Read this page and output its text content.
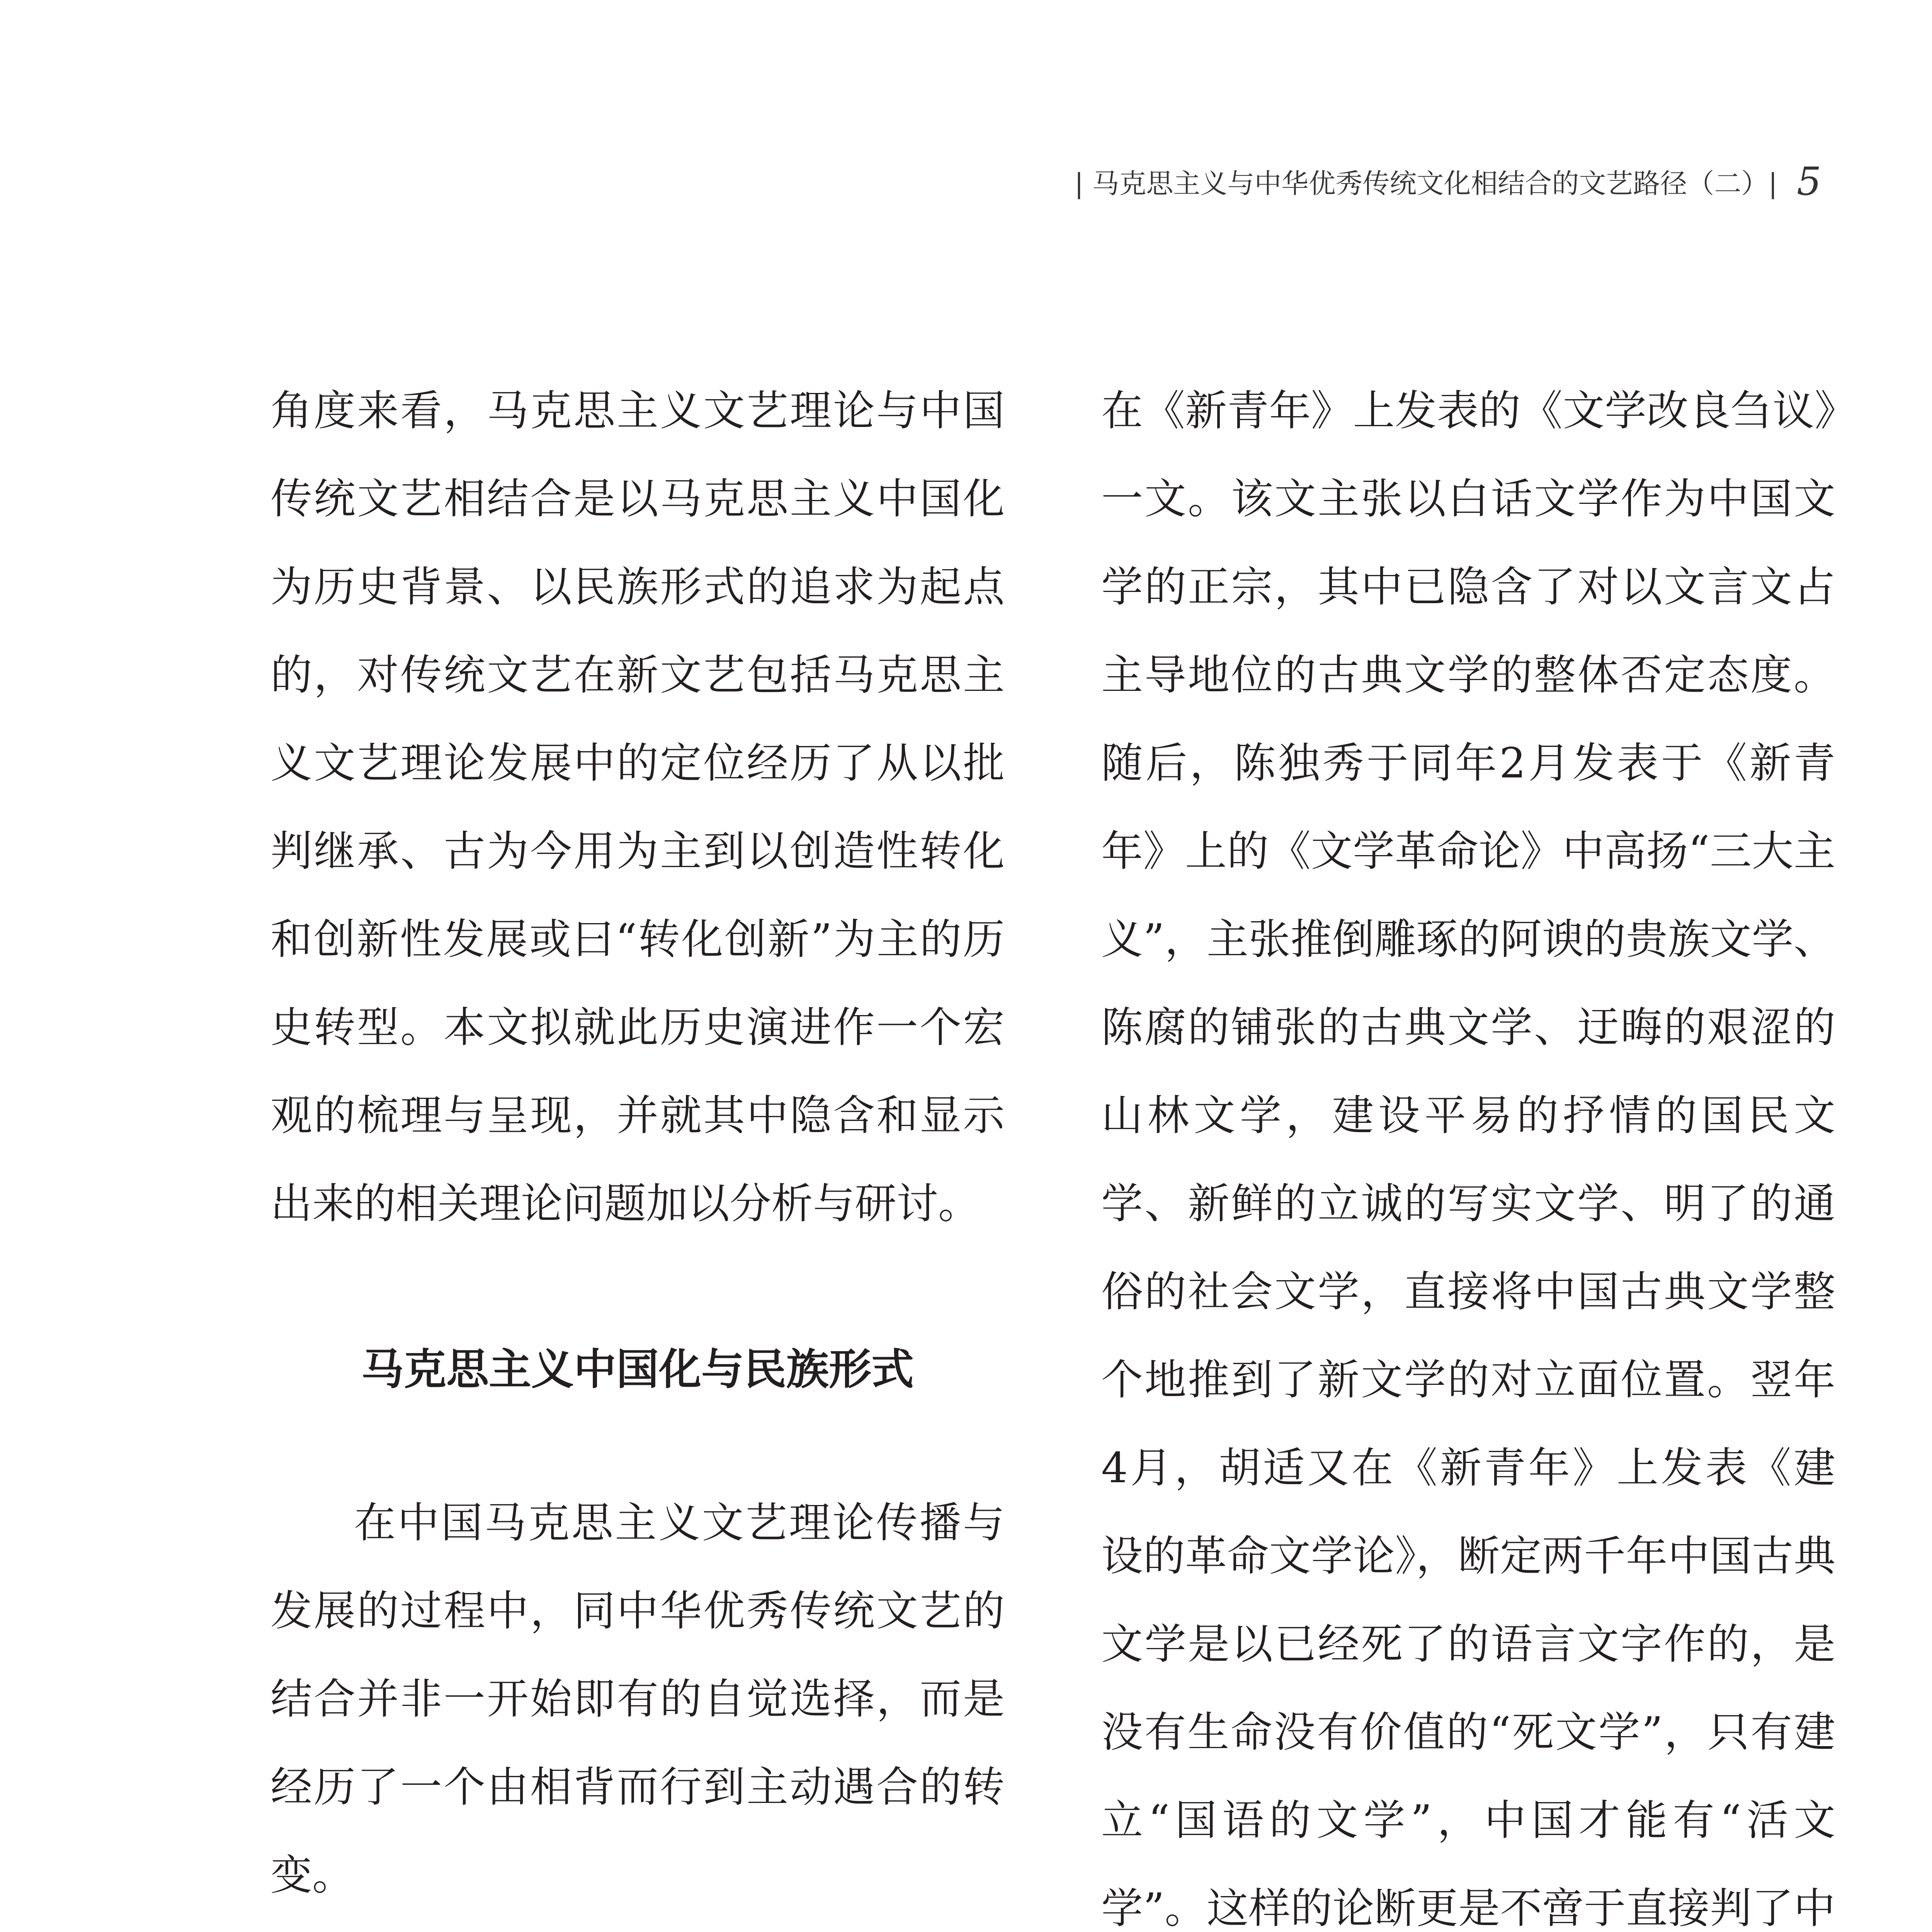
| 马克思主义与中华优秀传统文化相结合的文艺路径（二）| 5

角度来看，马克思主义文艺理论与中国传统文艺相结合是以马克思主义中国化为历史背景、以民族形式的追求为起点的，对传统文艺在新文艺包括马克思主义文艺理论发展中的定位经历了从以批判继承、古为今用为主到以创造性转化和创新性发展或曰“转化创新”为主的历史转型。本文拟就此历史演进作一个宏观的梳理与呈现，并就其中隐含和显示出来的相关理论问题加以分析与研讨。

马克思主义中国化与民族形式

在中国马克思主义文艺理论传播与发展的过程中，同中华优秀传统文艺的结合并非一开始即有的自觉选择，而是经历了一个由相背而行到主动遇合的转变。

在《新青年》上发表的《文学改良刍议》一文。该文主张以白话文学作为中国文学的正宗，其中已隐含了对以文言文占主导地位的古典文学的整体否定态度。随后，陈独秀于同年2月发表于《新青年》上的《文学革命论》中高扬“三大主义”，主张推倒雕琢的阿谀的贵族文学、陈腐的铺张的古典文学、迂晦的艰涩的山林文学，建设平易的抒情的国民文学、新鲜的立诚的写实文学、明了的通俗的社会文学，直接将中国古典文学整个地推到了新文学的对立面位置。翌年4月，胡适又在《新青年》上发表《建设的革命文学论》，断定两千年中国古典文学是以已经死了的语言文字作的，是没有生命没有价值的“死文学”，只有建立“国语的文学”，中国才能有“活文学”。这样的论断更是不啻于直接判了中
